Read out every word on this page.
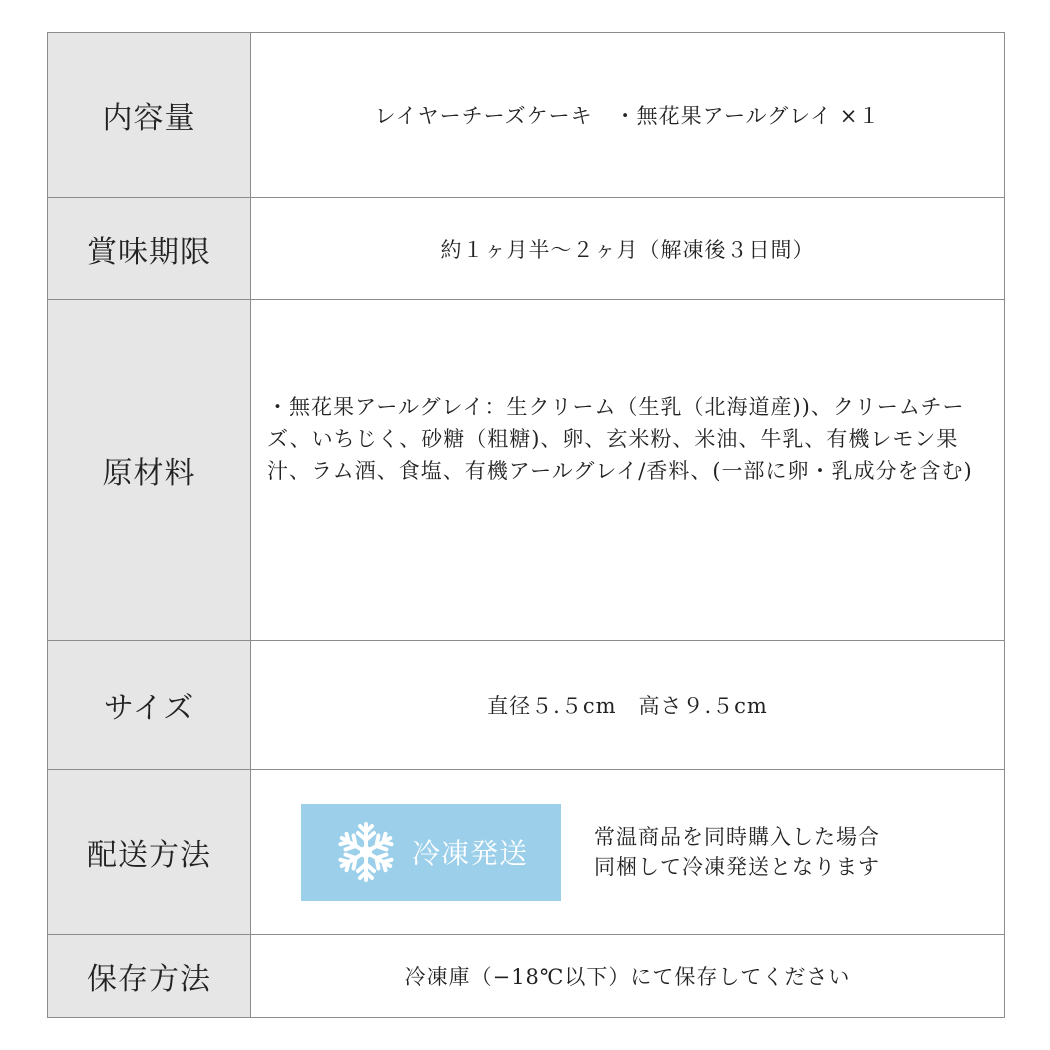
内容量	レイヤーチーズケーキ　・無花果アールグレイ ×１
賞味期限	約１ヶ月半〜２ヶ月（解凍後３日間）
原材料	・無花果アールグレイ：生クリーム（生乳（北海道産))、クリームチーズ、いちじく、砂糖（粗糖)、卵、玄米粉、米油、牛乳、有機レモン果汁、ラム酒、食塩、有機アールグレイ/香料、(一部に卵・乳成分を含む)

サイズ	直径５.５cm　高さ９.５cm
配送方法	冷凍発送 常温商品を同時購入した場合
同梱して冷凍発送となります

保存方法	冷凍庫（−18℃以下）にて保存してください
